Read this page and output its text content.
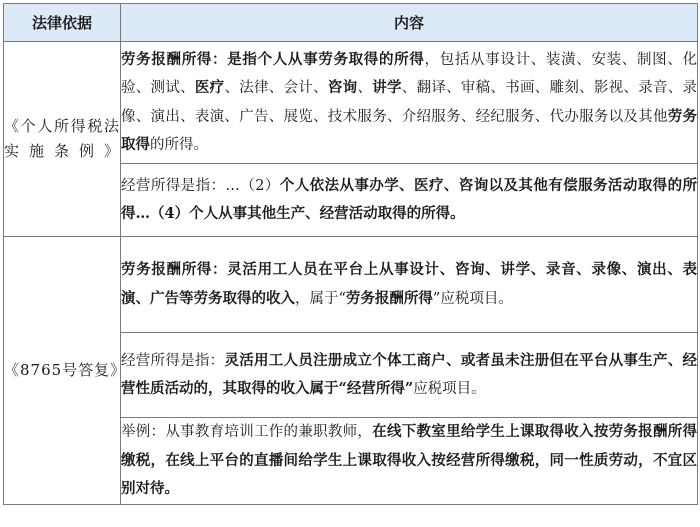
法律依据	内容
《个人所得税法实施条例》	劳务报酬所得：是指个人从事劳务取得的所得，包括从事设计、装潢、安装、制图、化验、测试、医疗、法律、会计、咨询、讲学、翻译、审稿、书画、雕刻、影视、录音、录像、演出、表演、广告、展览、技术服务、介绍服务、经纪服务、代办服务以及其他劳务取得的所得。

	经营所得是指：…（2）个人依法从事办学、医疗、咨询以及其他有偿服务活动取得的所得…（4）个人从事其他生产、经营活动取得的所得。

《8765号答复》	劳务报酬所得：灵活用工人员在平台上从事设计、咨询、讲学、录音、录像、演出、表演、广告等劳务取得的收入，属于“劳务报酬所得”应税项目。

	经营所得是指：灵活用工人员注册成立个体工商户、或者虽未注册但在平台从事生产、经营性质活动的，其取得的收入属于“经营所得”应税项目。

	举例：从事教育培训工作的兼职教师，在线下教室里给学生上课取得收入按劳务报酬所得缴税，在线上平台的直播间给学生上课取得收入按经营所得缴税，同一性质劳动，不宜区别对待。
